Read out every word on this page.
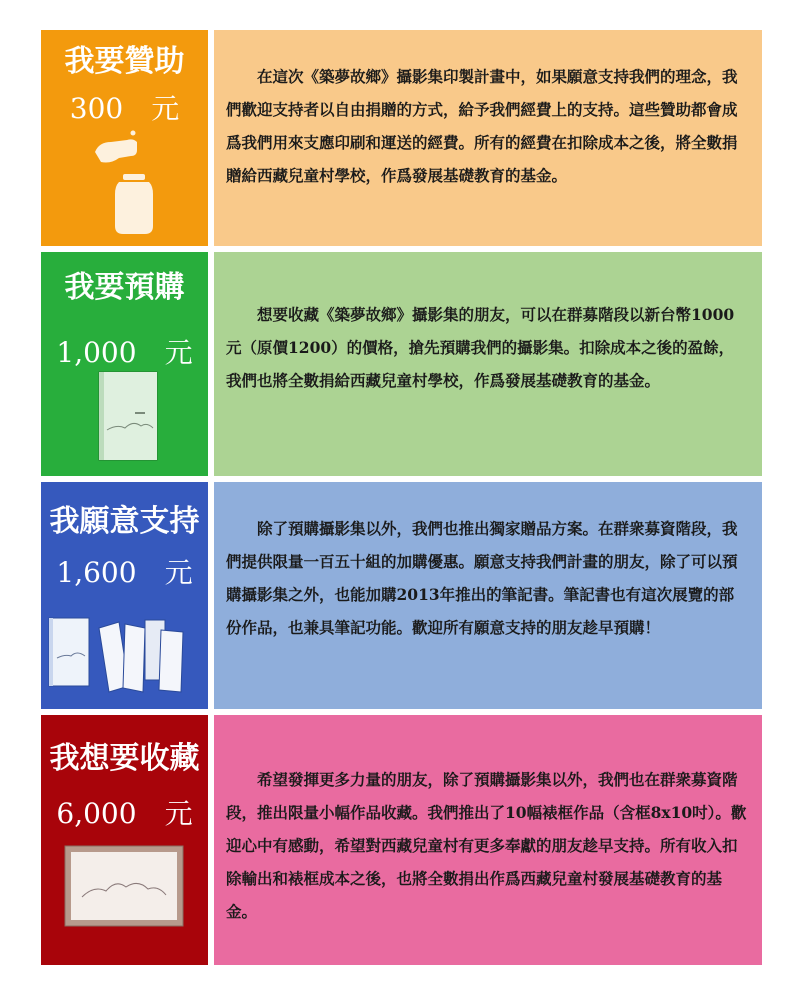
我要贊助
300　元

在這次《築夢故鄉》攝影集印製計畫中，如果願意支持我們的理念，我們歡迎支持者以自由捐贈的方式，給予我們經費上的支持。這些贊助都會成爲我們用來支應印刷和運送的經費。所有的經費在扣除成本之後，將全數捐贈給西藏兒童村學校，作爲發展基礎教育的基金。

我要預購
1,000　元

想要收藏《築夢故鄉》攝影集的朋友，可以在群募階段以新台幣1000元（原價1200）的價格，搶先預購我們的攝影集。扣除成本之後的盈餘，我們也將全數捐給西藏兒童村學校，作爲發展基礎教育的基金。

我願意支持
1,600　元

除了預購攝影集以外，我們也推出獨家贈品方案。在群衆募資階段，我們提供限量一百五十組的加購優惠。願意支持我們計畫的朋友，除了可以預購攝影集之外，也能加購2013年推出的筆記書。筆記書也有這次展覽的部份作品，也兼具筆記功能。歡迎所有願意支持的朋友趁早預購！

我想要收藏
6,000　元

希望發揮更多力量的朋友，除了預購攝影集以外，我們也在群衆募資階段，推出限量小幅作品收藏。我們推出了10幅裱框作品（含框8x10吋）。歡迎心中有感動，希望對西藏兒童村有更多奉獻的朋友趁早支持。所有收入扣除輸出和裱框成本之後，也將全數捐出作爲西藏兒童村發展基礎教育的基金。
